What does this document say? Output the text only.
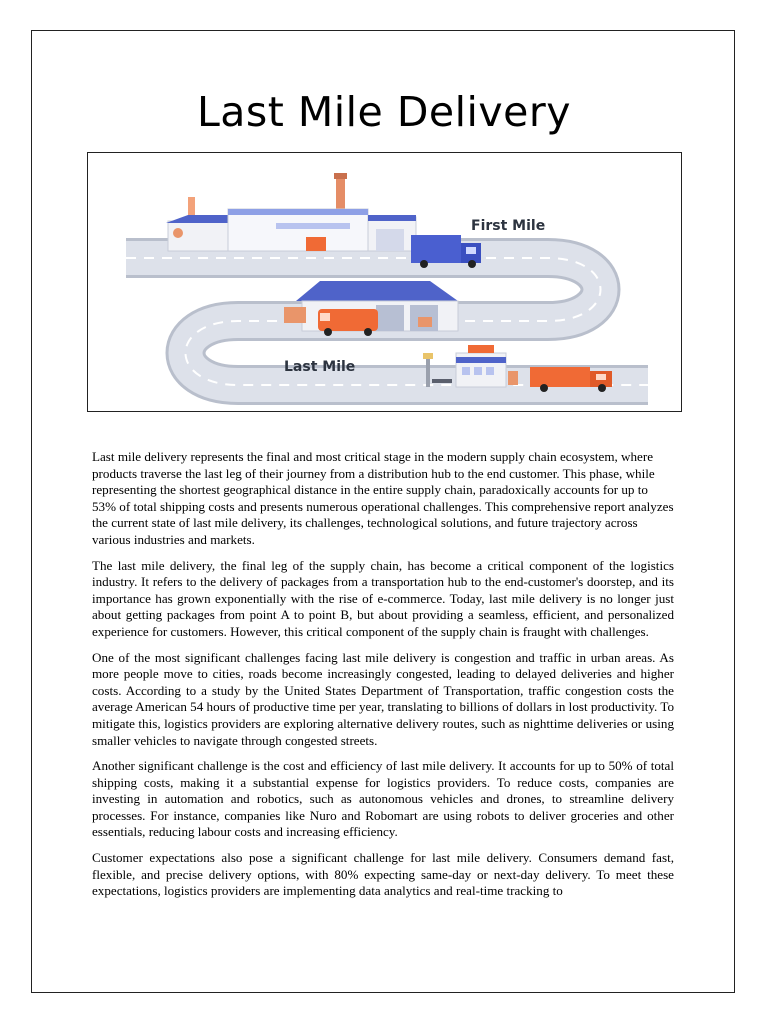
Last Mile Delivery
First Mile
Last Mile

Last mile delivery represents the final and most critical stage in the modern supply chain ecosystem, where products traverse the last leg of their journey from a distribution hub to the end customer. This phase, while representing the shortest geographical distance in the entire supply chain, paradoxically accounts for up to 53% of total shipping costs and presents numerous operational challenges. This comprehensive report analyzes the current state of last mile delivery, its challenges, technological solutions, and future trajectory across various industries and markets.

The last mile delivery, the final leg of the supply chain, has become a critical component of the logistics industry. It refers to the delivery of packages from a transportation hub to the end-customer's doorstep, and its importance has grown exponentially with the rise of e-commerce. Today, last mile delivery is no longer just about getting packages from point A to point B, but about providing a seamless, efficient, and personalized experience for customers. However, this critical component of the supply chain is fraught with challenges.

One of the most significant challenges facing last mile delivery is congestion and traffic in urban areas. As more people move to cities, roads become increasingly congested, leading to delayed deliveries and higher costs. According to a study by the United States Department of Transportation, traffic congestion costs the average American 54 hours of productive time per year, translating to billions of dollars in lost productivity. To mitigate this, logistics providers are exploring alternative delivery routes, such as nighttime deliveries or using smaller vehicles to navigate through congested streets.

Another significant challenge is the cost and efficiency of last mile delivery. It accounts for up to 50% of total shipping costs, making it a substantial expense for logistics providers. To reduce costs, companies are investing in automation and robotics, such as autonomous vehicles and drones, to streamline delivery processes. For instance, companies like Nuro and Robomart are using robots to deliver groceries and other essentials, reducing labour costs and increasing efficiency.

Customer expectations also pose a significant challenge for last mile delivery. Consumers demand fast, flexible, and precise delivery options, with 80% expecting same-day or next-day delivery. To meet these expectations, logistics providers are implementing data analytics and real-time tracking to
